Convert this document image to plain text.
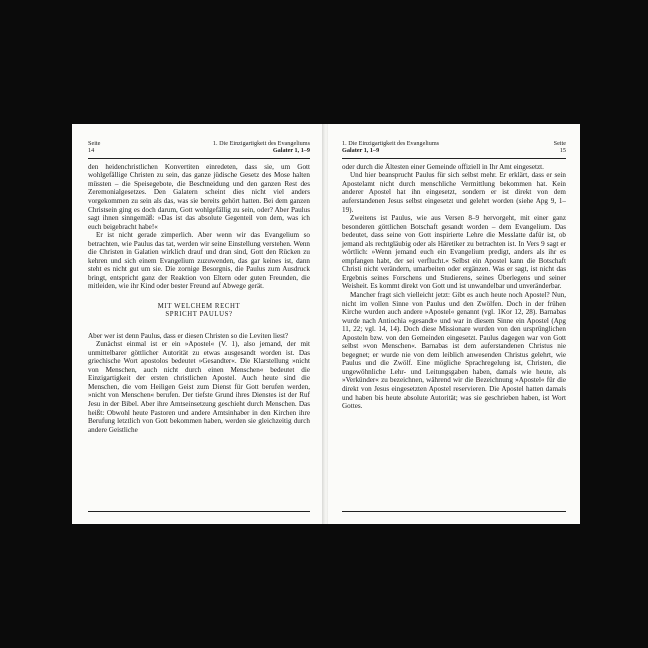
Seite
14
1. Die Einzigartigkeit des Evangeliums
Galater 1, 1–9

den heidenchristlichen Konvertiten einredeten, dass sie, um Gott wohlgefällige Christen zu sein, das ganze jüdische Gesetz des Mose halten müssten – die Speisegebote, die Beschneidung und den ganzen Rest des Zeremonialgesetzes. Den Galatern scheint dies nicht viel anders vorgekommen zu sein als das, was sie bereits gehört hatten. Bei dem ganzen Christsein ging es doch darum, Gott wohlgefällig zu sein, oder? Aber Paulus sagt ihnen sinngemäß: »Das ist das absolute Gegenteil von dem, was ich euch beigebracht habe!«

Er ist nicht gerade zimperlich. Aber wenn wir das Evangelium so betrachten, wie Paulus das tat, werden wir seine Einstellung verstehen. Wenn die Christen in Galatien wirklich drauf und dran sind, Gott den Rücken zu kehren und sich einem Evangelium zuzuwenden, das gar keines ist, dann steht es nicht gut um sie. Die zornige Besorgnis, die Paulus zum Ausdruck bringt, entspricht ganz der Reaktion von Eltern oder guten Freunden, die mitleiden, wie ihr Kind oder bester Freund auf Abwege gerät.

MIT WELCHEM RECHT
SPRICHT PAULUS?

Aber wer ist denn Paulus, dass er diesen Christen so die Leviten liest?

Zunächst einmal ist er ein »Apostel« (V. 1), also jemand, der mit unmittelbarer göttlicher Autorität zu etwas ausgesandt worden ist. Das griechische Wort apostolos bedeutet »Gesandter«. Die Klarstellung »nicht von Menschen, auch nicht durch einen Menschen« bedeutet die Einzigartigkeit der ersten christlichen Apostel. Auch heute sind die Menschen, die vom Heiligen Geist zum Dienst für Gott berufen werden, »nicht von Menschen« berufen. Der tiefste Grund ihres Dienstes ist der Ruf Jesu in der Bibel. Aber ihre Amtseinsetzung geschieht durch Menschen. Das heißt: Obwohl heute Pastoren und andere Amtsinhaber in den Kirchen ihre Berufung letztlich von Gott bekommen haben, werden sie gleichzeitig durch andere Geistliche

1. Die Einzigartigkeit des Evangeliums
Galater 1, 1–9
Seite
15

oder durch die Ältesten einer Gemeinde offiziell in Ihr Amt eingesetzt.

Und hier beansprucht Paulus für sich selbst mehr. Er erklärt, dass er sein Apostelamt nicht durch menschliche Vermittlung bekommen hat. Kein anderer Apostel hat ihn eingesetzt, sondern er ist direkt von dem auferstandenen Jesus selbst eingesetzt und gelehrt worden (siehe Apg 9, 1–19).

Zweitens ist Paulus, wie aus Versen 8–9 hervorgeht, mit einer ganz besonderen göttlichen Botschaft gesandt worden – dem Evangelium. Das bedeutet, dass seine von Gott inspirierte Lehre die Messlatte dafür ist, ob jemand als rechtgläubig oder als Häretiker zu betrachten ist. In Vers 9 sagt er wörtlich: »Wenn jemand euch ein Evangelium predigt, anders als ihr es empfangen habt, der sei verflucht.« Selbst ein Apostel kann die Botschaft Christi nicht verändern, umarbeiten oder ergänzen. Was er sagt, ist nicht das Ergebnis seines Forschens und Studierens, seines Überlegens und seiner Weisheit. Es kommt direkt von Gott und ist unwandelbar und unveränderbar.

Mancher fragt sich vielleicht jetzt: Gibt es auch heute noch Apostel? Nun, nicht im vollen Sinne von Paulus und den Zwölfen. Doch in der frühen Kirche wurden auch andere »Apostel« genannt (vgl. 1Kor 12, 28). Barnabas wurde nach Antiochia »gesandt« und war in diesem Sinne ein Apostel (Apg 11, 22; vgl. 14, 14). Doch diese Missionare wurden von den ursprünglichen Aposteln bzw. von den Gemeinden eingesetzt. Paulus dagegen war von Gott selbst »von Menschen«. Barnabas ist dem auferstandenen Christus nie begegnet; er wurde nie von dem leiblich anwesenden Christus gelehrt, wie Paulus und die Zwölf. Eine mögliche Sprachregelung ist, Christen, die ungewöhnliche Lehr- und Leitungsgaben haben, damals wie heute, als »Verkünder« zu bezeichnen, während wir die Bezeichnung »Apostel« für die direkt von Jesus eingesetzten Apostel reservieren. Die Apostel hatten damals und haben bis heute absolute Autorität; was sie geschrieben haben, ist Wort Gottes.
